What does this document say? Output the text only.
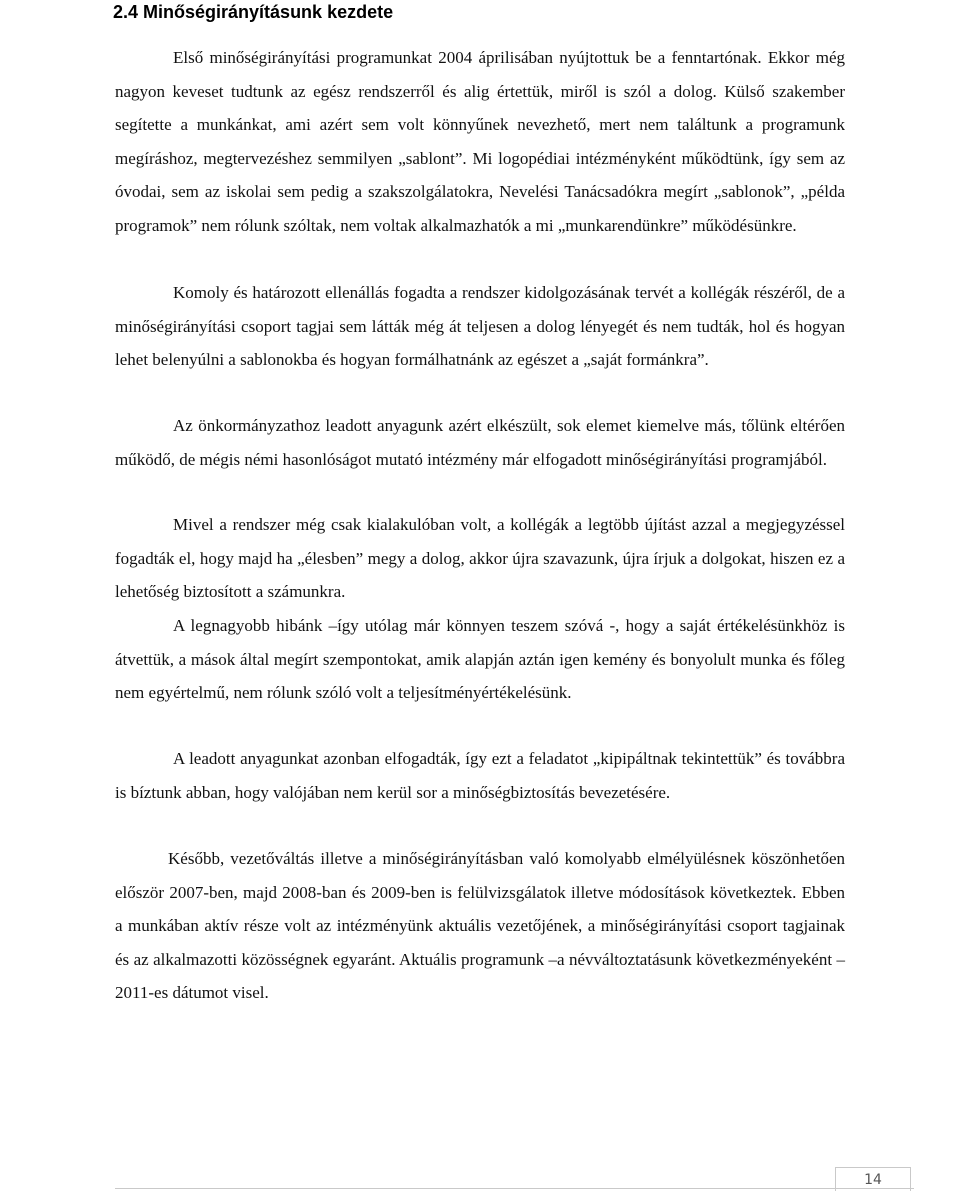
2.4 Minőségirányításunk kezdete

Első minőségirányítási programunkat 2004 áprilisában nyújtottuk be a fenntartónak. Ekkor még nagyon keveset tudtunk az egész rendszerről és alig értettük, miről is szól a dolog. Külső szakember segítette a munkánkat, ami azért sem volt könnyűnek nevezhető, mert nem találtunk a programunk megíráshoz, megtervezéshez semmilyen „sablont”. Mi logopédiai intézményként működtünk, így sem az óvodai, sem az iskolai sem pedig a szakszolgálatokra, Nevelési Tanácsadókra megírt „sablonok”, „példa programok” nem rólunk szóltak, nem voltak alkalmazhatók a mi „munkarendünkre” működésünkre.

Komoly és határozott ellenállás fogadta a rendszer kidolgozásának tervét a kollégák részéről, de a minőségirányítási csoport tagjai sem látták még át teljesen a dolog lényegét és nem tudták, hol és hogyan lehet belenyúlni a sablonokba és hogyan formálhatnánk az egészet a „saját formánkra”.

Az önkormányzathoz leadott anyagunk azért elkészült, sok elemet kiemelve más, tőlünk eltérően működő, de mégis némi hasonlóságot mutató intézmény már elfogadott minőségirányítási programjából.

Mivel a rendszer még csak kialakulóban volt, a kollégák a legtöbb újítást azzal a megjegyzéssel fogadták el, hogy majd ha „élesben” megy a dolog, akkor újra szavazunk, újra írjuk a dolgokat, hiszen ez a lehetőség biztosított a számunkra.

A legnagyobb hibánk –így utólag már könnyen teszem szóvá -, hogy a saját értékelésünkhöz is átvettük, a mások által megírt szempontokat, amik alapján aztán igen kemény és bonyolult munka és főleg nem egyértelmű, nem rólunk szóló volt a teljesítményértékelésünk.

A leadott anyagunkat azonban elfogadták, így ezt a feladatot „kipipáltnak tekintettük” és továbbra is bíztunk abban, hogy valójában nem kerül sor a minőségbiztosítás bevezetésére.

Később, vezetőváltás illetve a minőségirányításban való komolyabb elmélyülésnek köszönhetően először 2007-ben, majd 2008-ban és 2009-ben is felülvizsgálatok illetve módosítások következtek. Ebben a munkában aktív része volt az intézményünk aktuális vezetőjének, a minőségirányítási csoport tagjainak és az alkalmazotti közösségnek egyaránt. Aktuális programunk –a névváltoztatásunk következményeként – 2011-es dátumot visel.

14
